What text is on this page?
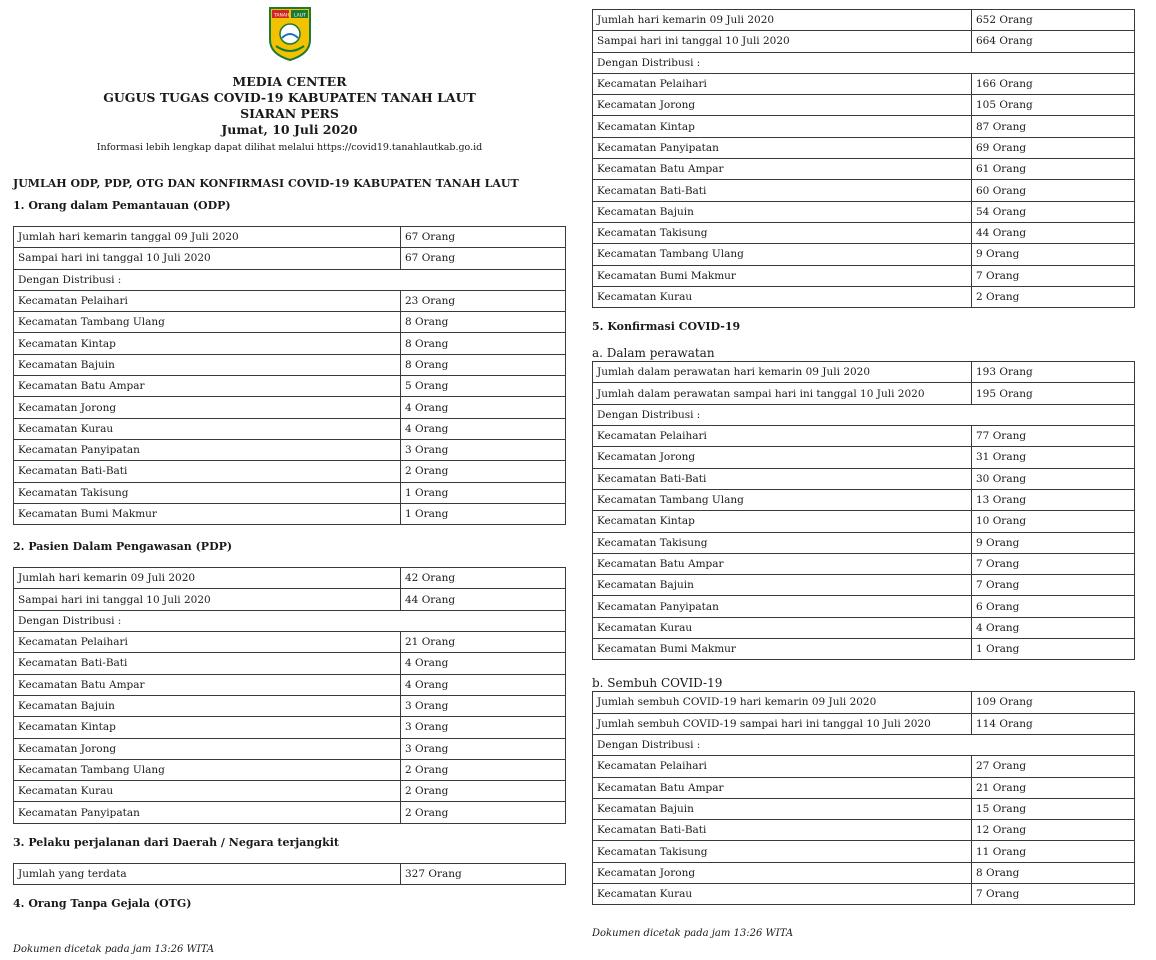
TANAH LAUT
MEDIA CENTER
GUGUS TUGAS COVID-19 KABUPATEN TANAH LAUT
SIARAN PERS
Jumat, 10 Juli 2020
Informasi lebih lengkap dapat dilihat melalui https://covid19.tanahlautkab.go.id
JUMLAH ODP, PDP, OTG DAN KONFIRMASI COVID-19 KABUPATEN TANAH LAUT
1. Orang dalam Pemantauan (ODP)
Jumlah hari kemarin tanggal 09 Juli 2020	67 Orang
Sampai hari ini tanggal 10 Juli 2020	67 Orang
Dengan Distribusi :	
Kecamatan Pelaihari	23 Orang
Kecamatan Tambang Ulang	8 Orang
Kecamatan Kintap	8 Orang
Kecamatan Bajuin	8 Orang
Kecamatan Batu Ampar	5 Orang
Kecamatan Jorong	4 Orang
Kecamatan Kurau	4 Orang
Kecamatan Panyipatan	3 Orang
Kecamatan Bati-Bati	2 Orang
Kecamatan Takisung	1 Orang
Kecamatan Bumi Makmur	1 Orang
2. Pasien Dalam Pengawasan (PDP)
Jumlah hari kemarin 09 Juli 2020	42 Orang
Sampai hari ini tanggal 10 Juli 2020	44 Orang
Dengan Distribusi :	
Kecamatan Pelaihari	21 Orang
Kecamatan Bati-Bati	4 Orang
Kecamatan Batu Ampar	4 Orang
Kecamatan Bajuin	3 Orang
Kecamatan Kintap	3 Orang
Kecamatan Jorong	3 Orang
Kecamatan Tambang Ulang	2 Orang
Kecamatan Kurau	2 Orang
Kecamatan Panyipatan	2 Orang
3. Pelaku perjalanan dari Daerah / Negara terjangkit
Jumlah yang terdata	327 Orang
4. Orang Tanpa Gejala (OTG)
Dokumen dicetak pada jam 13:26 WITA
Jumlah hari kemarin 09 Juli 2020	652 Orang
Sampai hari ini tanggal 10 Juli 2020	664 Orang
Dengan Distribusi :	
Kecamatan Pelaihari	166 Orang
Kecamatan Jorong	105 Orang
Kecamatan Kintap	87 Orang
Kecamatan Panyipatan	69 Orang
Kecamatan Batu Ampar	61 Orang
Kecamatan Bati-Bati	60 Orang
Kecamatan Bajuin	54 Orang
Kecamatan Takisung	44 Orang
Kecamatan Tambang Ulang	9 Orang
Kecamatan Bumi Makmur	7 Orang
Kecamatan Kurau	2 Orang
5. Konfirmasi COVID-19
a. Dalam perawatan
Jumlah dalam perawatan hari kemarin 09 Juli 2020	193 Orang
Jumlah dalam perawatan sampai hari ini tanggal 10 Juli 2020	195 Orang
Dengan Distribusi :	
Kecamatan Pelaihari	77 Orang
Kecamatan Jorong	31 Orang
Kecamatan Bati-Bati	30 Orang
Kecamatan Tambang Ulang	13 Orang
Kecamatan Kintap	10 Orang
Kecamatan Takisung	9 Orang
Kecamatan Batu Ampar	7 Orang
Kecamatan Bajuin	7 Orang
Kecamatan Panyipatan	6 Orang
Kecamatan Kurau	4 Orang
Kecamatan Bumi Makmur	1 Orang
b. Sembuh COVID-19
Jumlah sembuh COVID-19 hari kemarin 09 Juli 2020	109 Orang
Jumlah sembuh COVID-19 sampai hari ini tanggal 10 Juli 2020	114 Orang
Dengan Distribusi :	
Kecamatan Pelaihari	27 Orang
Kecamatan Batu Ampar	21 Orang
Kecamatan Bajuin	15 Orang
Kecamatan Bati-Bati	12 Orang
Kecamatan Takisung	11 Orang
Kecamatan Jorong	8 Orang
Kecamatan Kurau	7 Orang
Dokumen dicetak pada jam 13:26 WITA
